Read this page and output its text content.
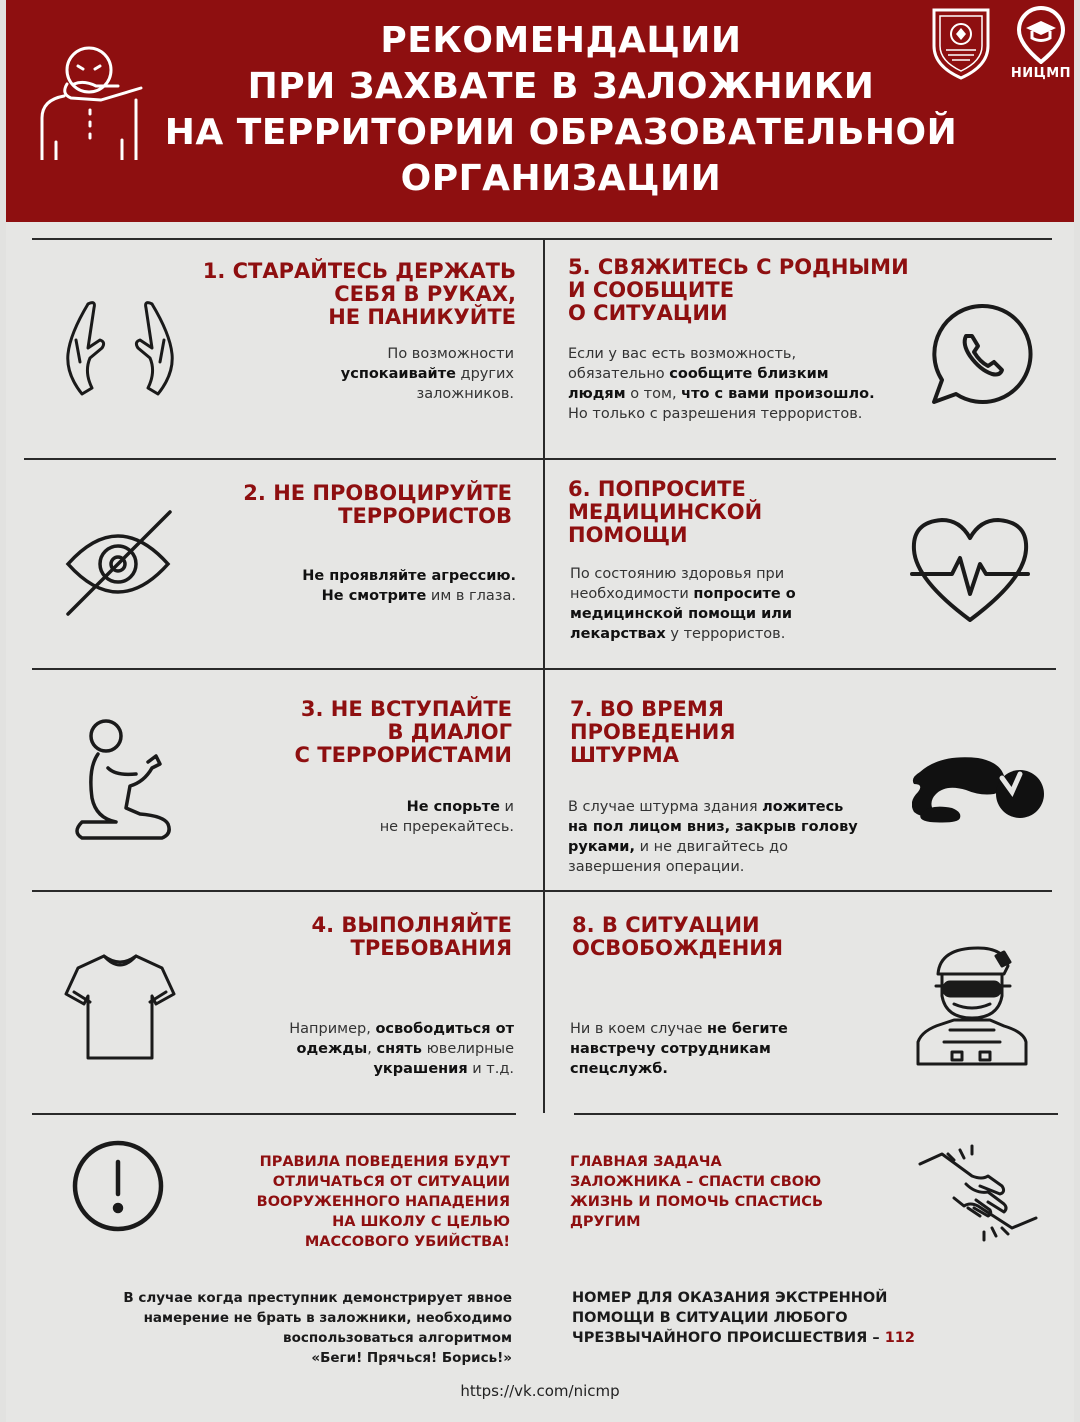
РЕКОМЕНДАЦИИ
ПРИ ЗАХВАТЕ В ЗАЛОЖНИКИ
НА ТЕРРИТОРИИ ОБРАЗОВАТЕЛЬНОЙ
ОРГАНИЗАЦИИ
НИЦМП
1. СТАРАЙТЕСЬ ДЕРЖАТЬ
СЕБЯ В РУКАХ,
НЕ ПАНИКУЙТЕ
По возможности
успокаивайте других
заложников.
5. СВЯЖИТЕСЬ С РОДНЫМИ
И СООБЩИТЕ
О СИТУАЦИИ
Если у вас есть возможность,
обязательно сообщите близким
людям о том, что с вами произошло.
Но только с разрешения террористов.
2. НЕ ПРОВОЦИРУЙТЕ
ТЕРРОРИСТОВ
Не проявляйте агрессию.
Не смотрите им в глаза.
6. ПОПРОСИТЕ
МЕДИЦИНСКОЙ
ПОМОЩИ
По состоянию здоровья при
необходимости попросите о
медицинской помощи или
лекарствах у террористов.
3. НЕ ВСТУПАЙТЕ
В ДИАЛОГ
С ТЕРРОРИСТАМИ
Не спорьте и
не пререкайтесь.
7. ВО ВРЕМЯ
ПРОВЕДЕНИЯ
ШТУРМА
В случае штурма здания ложитесь
на пол лицом вниз, закрыв голову
руками, и не двигайтесь до
завершения операции.
4. ВЫПОЛНЯЙТЕ
ТРЕБОВАНИЯ
Например, освободиться от
одежды, снять ювелирные
украшения и т.д.
8. В СИТУАЦИИ
ОСВОБОЖДЕНИЯ
Ни в коем случае не бегите
навстречу сотрудникам
спецслужб.
ПРАВИЛА ПОВЕДЕНИЯ БУДУТ
ОТЛИЧАТЬСЯ ОТ СИТУАЦИИ
ВООРУЖЕННОГО НАПАДЕНИЯ
НА ШКОЛУ С ЦЕЛЬЮ
МАССОВОГО УБИЙСТВА!
ГЛАВНАЯ ЗАДАЧА
ЗАЛОЖНИКА – СПАСТИ СВОЮ
ЖИЗНЬ И ПОМОЧЬ СПАСТИСЬ
ДРУГИМ
В случае когда преступник демонстрирует явное
намерение не брать в заложники, необходимо
воспользоваться алгоритмом
«Беги! Прячься! Борись!»
НОМЕР ДЛЯ ОКАЗАНИЯ ЭКСТРЕННОЙ
ПОМОЩИ В СИТУАЦИИ ЛЮБОГО
ЧРЕЗВЫЧАЙНОГО ПРОИСШЕСТВИЯ – 112
https://vk.com/nicmp
